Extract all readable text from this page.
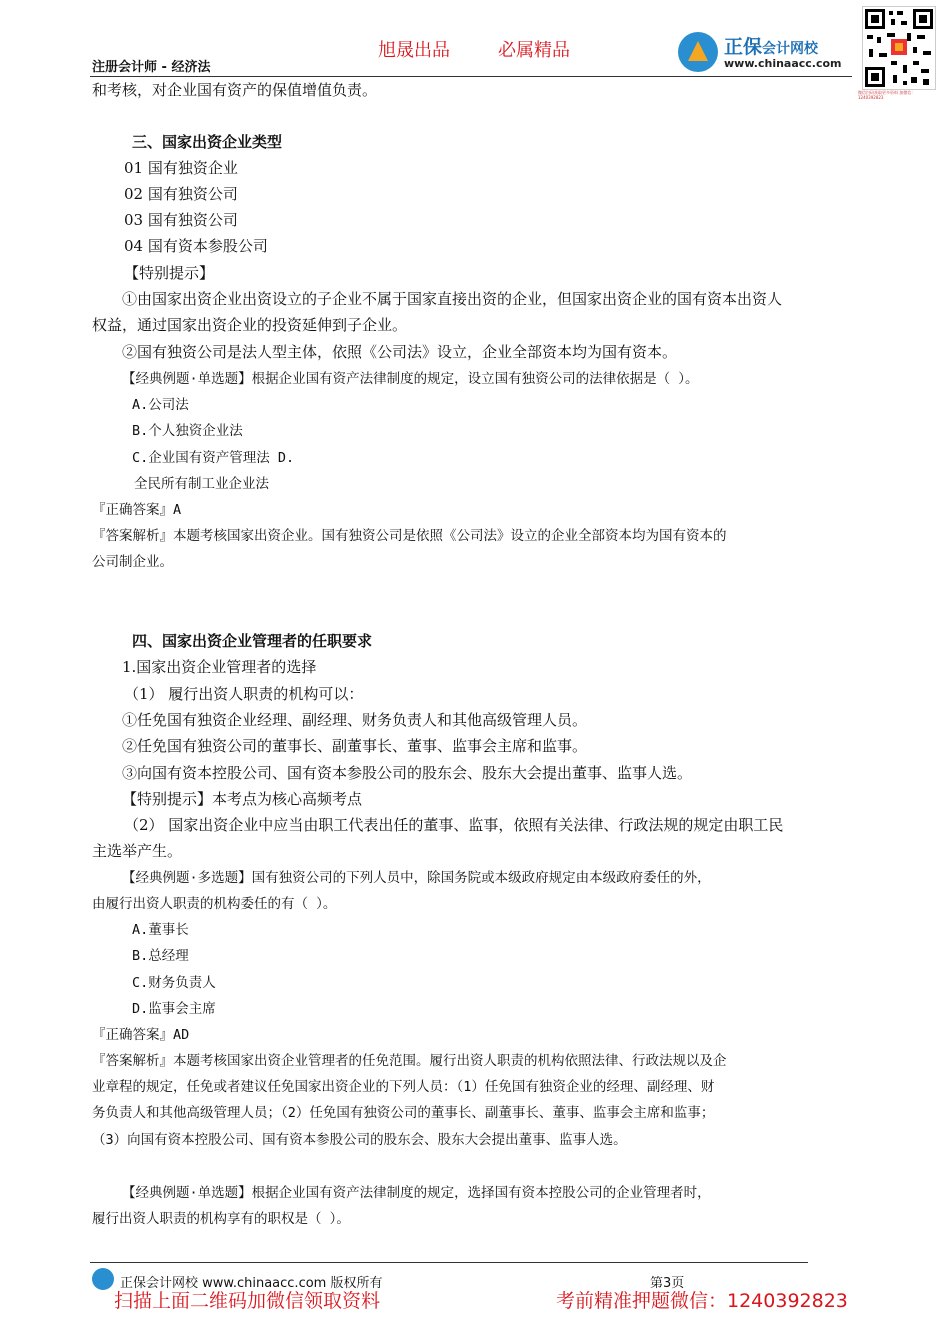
旭晟出品	必属精品
注册会计师 - 经济法
正保会计网校
www.chinaacc.com
微信扫码获取更多资料 加微信：1240392823
和考核，对企业国有资产的保值增值负责。
三、国家出资企业类型
01 国有独资企业
02 国有独资公司
03 国有独资公司
04 国有资本参股公司
【特别提示】
①由国家出资企业出资设立的子企业不属于国家直接出资的企业，但国家出资企业的国有资本出资人
权益，通过国家出资企业的投资延伸到子企业。
②国有独资公司是法人型主体，依照《公司法》设立，企业全部资本均为国有资本。
【经典例题·单选题】根据企业国有资产法律制度的规定，设立国有独资公司的法律依据是（ ）。
A.公司法
B.个人独资企业法
C.企业国有资产管理法 D.
全民所有制工业企业法
『正确答案』A
『答案解析』本题考核国家出资企业。国有独资公司是依照《公司法》设立的企业全部资本均为国有资本的
公司制企业。
四、国家出资企业管理者的任职要求
1.国家出资企业管理者的选择
（1） 履行出资人职责的机构可以：
①任免国有独资企业经理、副经理、财务负责人和其他高级管理人员。
②任免国有独资公司的董事长、副董事长、董事、监事会主席和监事。
③向国有资本控股公司、国有资本参股公司的股东会、股东大会提出董事、监事人选。
【特别提示】本考点为核心高频考点
（2） 国家出资企业中应当由职工代表出任的董事、监事，依照有关法律、行政法规的规定由职工民
主选举产生。
【经典例题·多选题】国有独资公司的下列人员中，除国务院或本级政府规定由本级政府委任的外，
由履行出资人职责的机构委任的有（ ）。
A.董事长
B.总经理
C.财务负责人
D.监事会主席
『正确答案』AD
『答案解析』本题考核国家出资企业管理者的任免范围。履行出资人职责的机构依照法律、行政法规以及企
业章程的规定，任免或者建议任免国家出资企业的下列人员：（1）任免国有独资企业的经理、副经理、财
务负责人和其他高级管理人员；（2）任免国有独资公司的董事长、副董事长、董事、监事会主席和监事；
（3）向国有资本控股公司、国有资本参股公司的股东会、股东大会提出董事、监事人选。
【经典例题·单选题】根据企业国有资产法律制度的规定，选择国有资本控股公司的企业管理者时，
履行出资人职责的机构享有的职权是（ ）。
正保会计网校 www.chinaacc.com 版权所有	第3页
扫描上面二维码加微信领取资料	考前精准押题微信：1240392823
